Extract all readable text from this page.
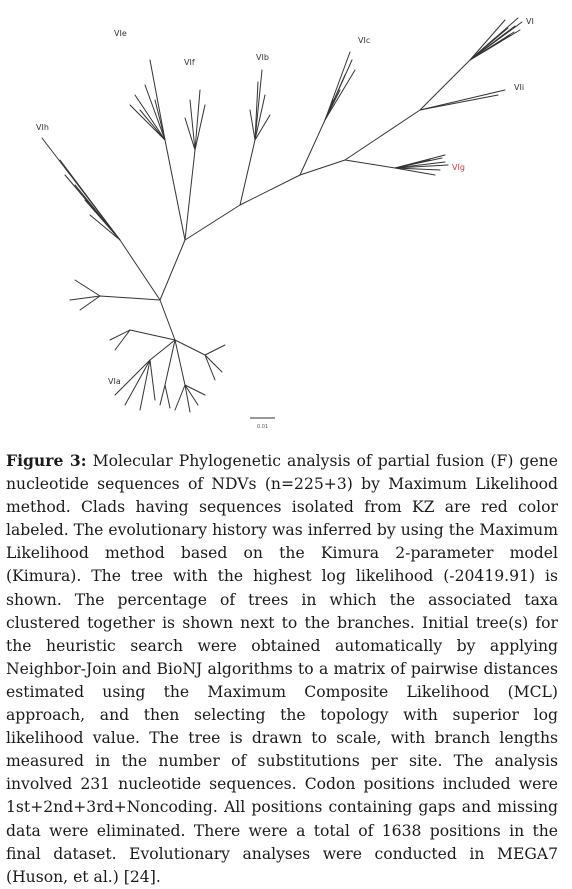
VI
VIi
VIg
VIc
VIb
VIf
VIe
VIh
VIa
0.01
Figure 3: Molecular Phylogenetic analysis of partial fusion (F) gene nucleotide sequences of NDVs (n=225+3) by Maximum Likelihood method. Clads having sequences isolated from KZ are red color labeled. The evolutionary history was inferred by using the Maximum Likelihood method based on the Kimura 2-parameter model (Kimura). The tree with the highest log likelihood (-20419.91) is shown. The percentage of trees in which the associated taxa clustered together is shown next to the branches. Initial tree(s) for the heuristic search were obtained automatically by applying Neighbor-Join and BioNJ algorithms to a matrix of pairwise distances estimated using the Maximum Composite Likelihood (MCL) approach, and then selecting the topology with superior log likelihood value. The tree is drawn to scale, with branch lengths measured in the number of substitutions per site. The analysis involved 231 nucleotide sequences. Codon positions included were 1st+2nd+3rd+Noncoding. All positions containing gaps and missing data were eliminated. There were a total of 1638 positions in the final dataset. Evolutionary analyses were conducted in MEGA7 (Huson, et al.) [24].
